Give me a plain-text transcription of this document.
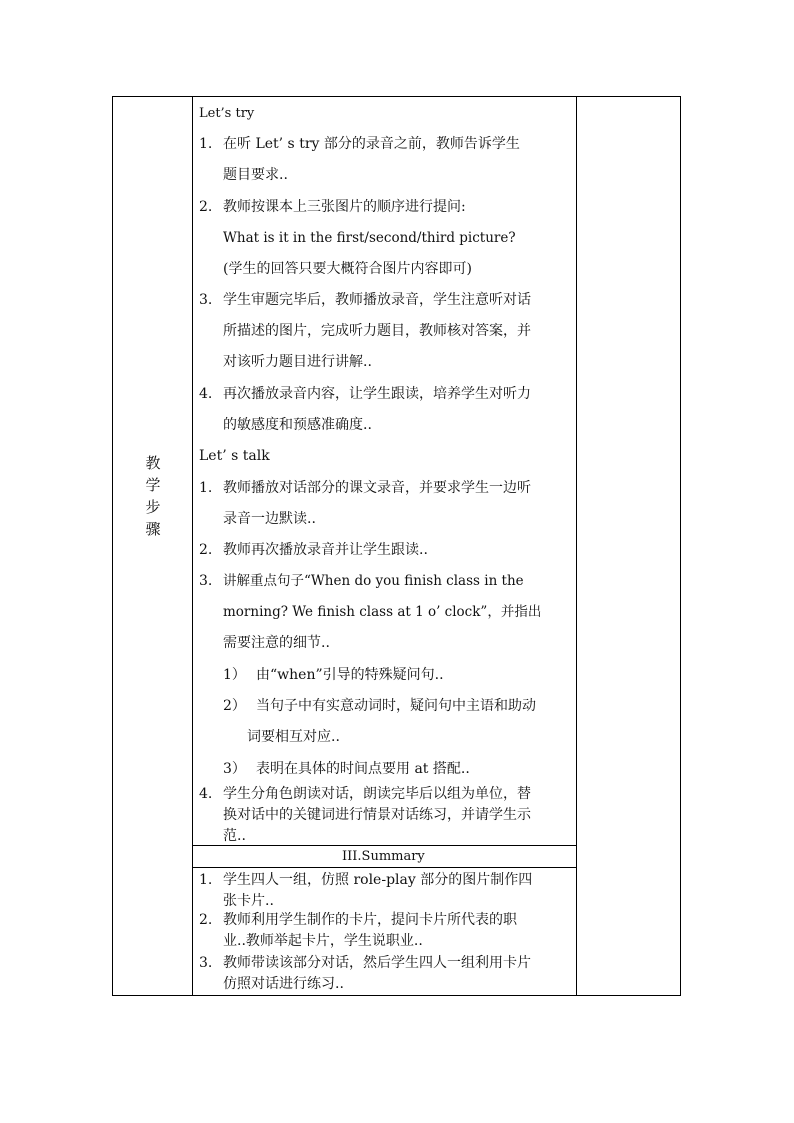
教学步骤
Let’s try
1. 在听 Let’ s try 部分的录音之前，教师告诉学生
题目要求..
2. 教师按课本上三张图片的顺序进行提问:
What is it in the first/second/third picture?
(学生的回答只要大概符合图片内容即可)
3. 学生审题完毕后，教师播放录音，学生注意听对话
所描述的图片，完成听力题目，教师核对答案，并
对该听力题目进行讲解..
4. 再次播放录音内容，让学生跟读，培养学生对听力
的敏感度和预感准确度..
Let’ s talk
1. 教师播放对话部分的课文录音，并要求学生一边听
录音一边默读..
2. 教师再次播放录音并让学生跟读..
3. 讲解重点句子“When do you finish class in the
morning? We finish class at 1 o’ clock”，并指出
需要注意的细节..
1） 由“when”引导的特殊疑问句..
2） 当句子中有实意动词时，疑问句中主语和助动
词要相互对应..
3） 表明在具体的时间点要用 at 搭配..
4. 学生分角色朗读对话，朗读完毕后以组为单位，替
换对话中的关键词进行情景对话练习，并请学生示
范..
III.Summary
1. 学生四人一组，仿照 role-play 部分的图片制作四
张卡片..
2. 教师利用学生制作的卡片，提问卡片所代表的职
业..教师举起卡片，学生说职业..
3. 教师带读该部分对话，然后学生四人一组利用卡片
仿照对话进行练习..
